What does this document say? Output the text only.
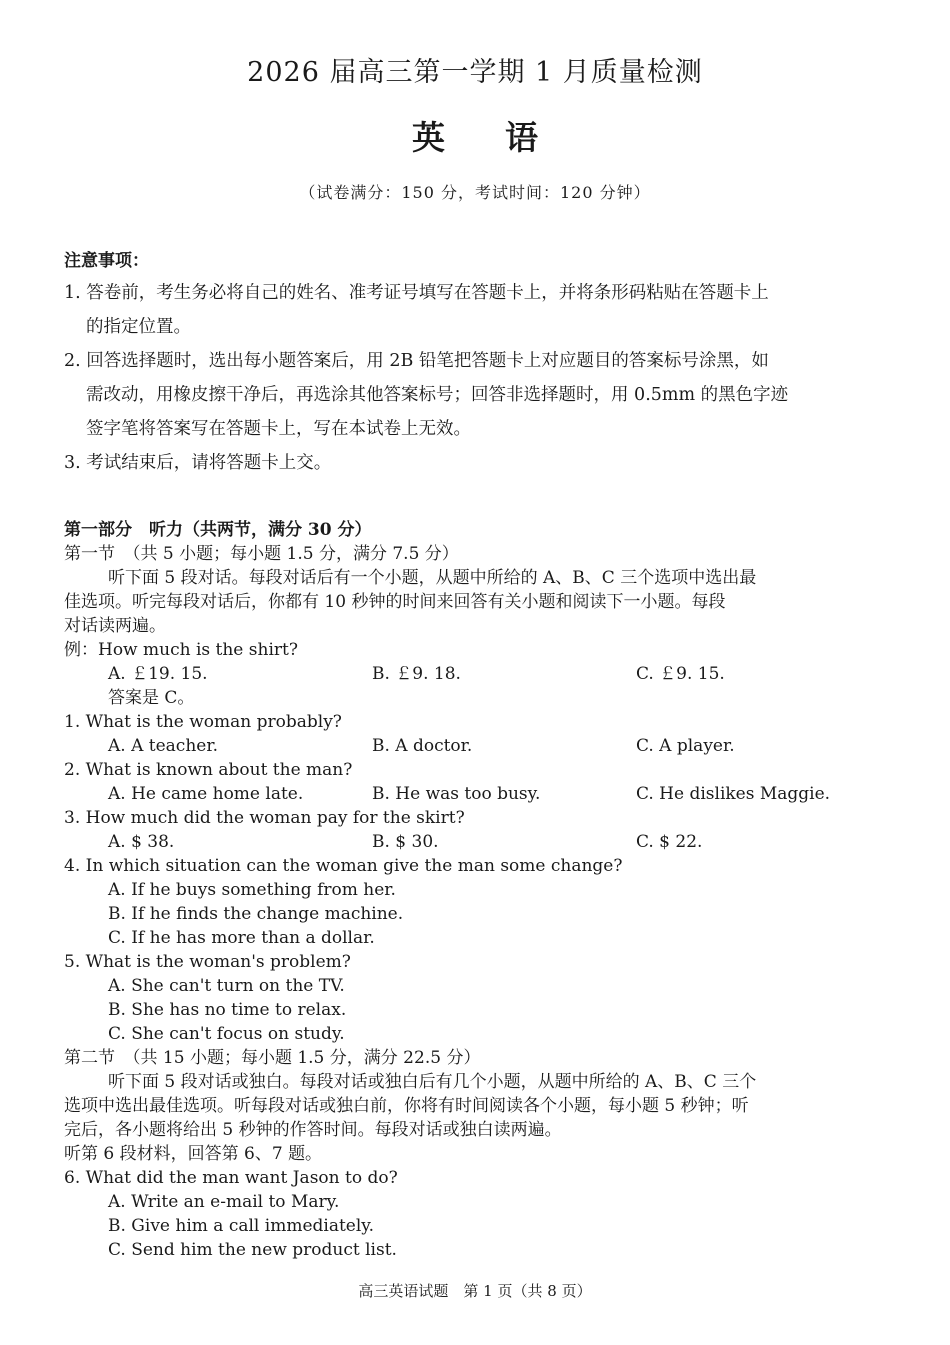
2026 届高三第一学期 1 月质量检测
英语
（试卷满分：150 分，考试时间：120 分钟）
注意事项：
1. 答卷前，考生务必将自己的姓名、准考证号填写在答题卡上，并将条形码粘贴在答题卡上
的指定位置。
2. 回答选择题时，选出每小题答案后，用 2B 铅笔把答题卡上对应题目的答案标号涂黑，如
需改动，用橡皮擦干净后，再选涂其他答案标号；回答非选择题时，用 0.5mm 的黑色字迹
签字笔将答案写在答题卡上，写在本试卷上无效。
3. 考试结束后，请将答题卡上交。
第一部分　听力（共两节，满分 30 分）
第一节　（共 5 小题；每小题 1.5 分，满分 7.5 分）
听下面 5 段对话。每段对话后有一个小题，从题中所给的 A、B、C 三个选项中选出最
佳选项。听完每段对话后，你都有 10 秒钟的时间来回答有关小题和阅读下一小题。每段
对话读两遍。
例：How much is the shirt?
A. ￡19. 15.	B. ￡9. 18.	C. ￡9. 15.
答案是 C。
1. What is the woman probably?
A. A teacher.	B. A doctor.	C. A player.
2. What is known about the man?
A. He came home late.	B. He was too busy.	C. He dislikes Maggie.
3. How much did the woman pay for the skirt?
A. $ 38.	B. $ 30.	C. $ 22.
4. In which situation can the woman give the man some change?
A. If he buys something from her.
B. If he finds the change machine.
C. If he has more than a dollar.
5. What is the woman's problem?
A. She can't turn on the TV.
B. She has no time to relax.
C. She can't focus on study.
第二节　（共 15 小题；每小题 1.5 分，满分 22.5 分）
听下面 5 段对话或独白。每段对话或独白后有几个小题，从题中所给的 A、B、C 三个
选项中选出最佳选项。听每段对话或独白前，你将有时间阅读各个小题，每小题 5 秒钟；听
完后，各小题将给出 5 秒钟的作答时间。每段对话或独白读两遍。
听第 6 段材料，回答第 6、7 题。
6. What did the man want Jason to do?
A. Write an e-mail to Mary.
B. Give him a call immediately.
C. Send him the new product list.
高三英语试题　第 1 页（共 8 页）
